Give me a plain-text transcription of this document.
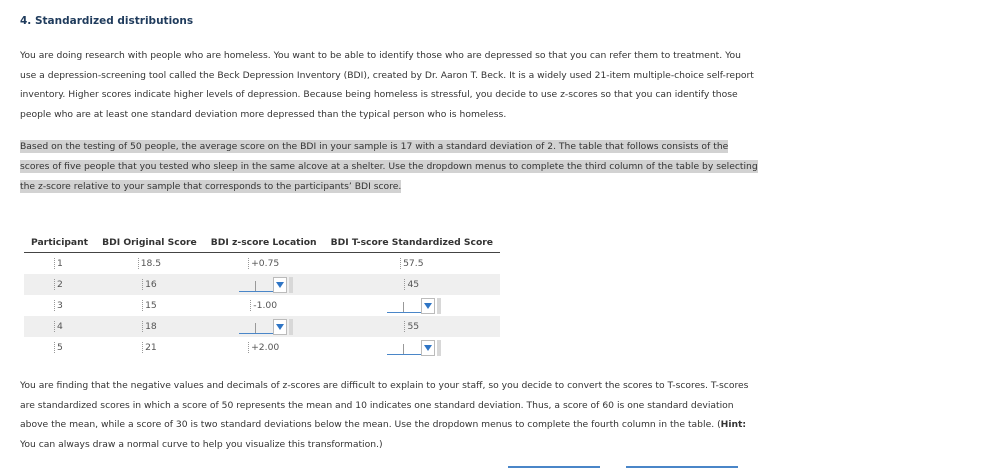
4. Standardized distributions
You are doing research with people who are homeless. You want to be able to identify those who are depressed so that you can refer them to treatment. You use a depression-screening tool called the Beck Depression Inventory (BDI), created by Dr. Aaron T. Beck. It is a widely used 21-item multiple-choice self-report inventory. Higher scores indicate higher levels of depression. Because being homeless is stressful, you decide to use z-scores so that you can identify those people who are at least one standard deviation more depressed than the typical person who is homeless.
Based on the testing of 50 people, the average score on the BDI in your sample is 17 with a standard deviation of 2. The table that follows consists of the scores of five people that you tested who sleep in the same alcove at a shelter. Use the dropdown menus to complete the third column of the table by selecting the z-score relative to your sample that corresponds to the participants’ BDI score.
Participant	BDI Original Score	BDI z-score Location	BDI T-score Standardized Score
1	18.5	+0.75	57.5
2	16		45
3	15	-1.00	

4	18		55
5	21	+2.00	
You are finding that the negative values and decimals of z-scores are difficult to explain to your staff, so you decide to convert the scores to T-scores. T-scores are standardized scores in which a score of 50 represents the mean and 10 indicates one standard deviation. Thus, a score of 60 is one standard deviation above the mean, while a score of 30 is two standard deviations below the mean. Use the dropdown menus to complete the fourth column in the table. (Hint: You can always draw a normal curve to help you visualize this transformation.)
